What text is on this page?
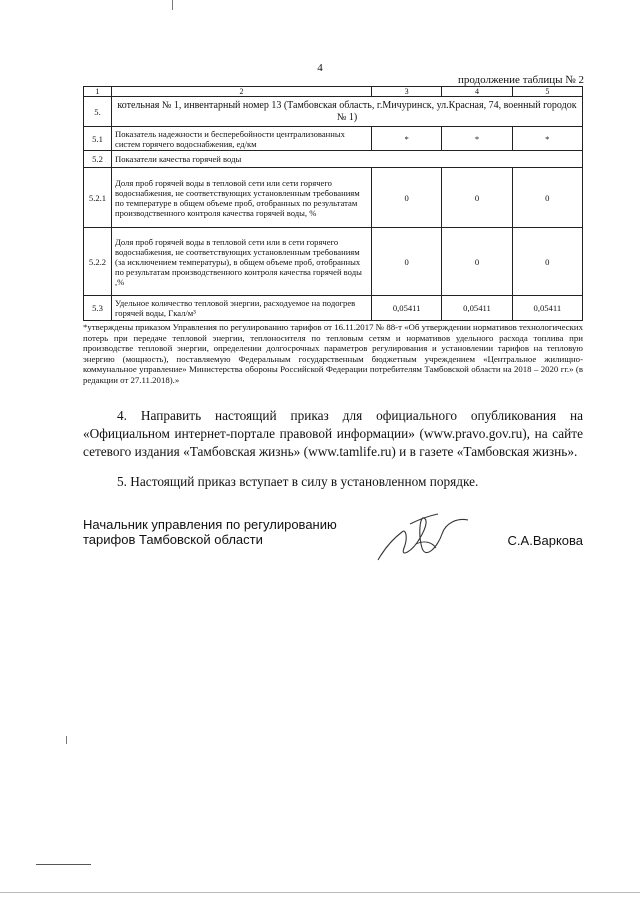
4
продолжение таблицы № 2
1	2	3	4	5
5.	котельная № 1, инвентарный номер 13 (Тамбовская область, г.Мичуринск, ул.Красная, 74, военный городок № 1)			
5.1	Показатель надежности и бесперебойности централизованных систем горячего водоснабжения, ед/км	*	*	*
5.2	Показатели качества горячей воды			
5.2.1	Доля проб горячей воды в тепловой сети или сети горячего водоснабжения, не соответствующих установленным требованиям по температуре в общем объеме проб, отобранных по результатам производственного контроля качества горячей воды, %	0	0	0
5.2.2	Доля проб горячей воды в тепловой сети или в сети горячего водоснабжения, не соответствующих установленным требованиям (за исключением температуры), в общем объеме проб, отобранных по результатам производственного контроля качества горячей воды ,%	0	0	0
5.3	Удельное количество тепловой энергии, расходуемое на подогрев горячей воды, Гкал/м³	0,05411	0,05411	0,05411
*утверждены приказом Управления по регулированию тарифов от 16.11.2017 № 88-т «Об утверждении нормативов технологических потерь при передаче тепловой энергии, теплоносителя по тепловым сетям и нормативов удельного расхода топлива при производстве тепловой энергии, определении долгосрочных параметров регулирования и установлении тарифов на тепловую энергию (мощность), поставляемую Федеральным государственным бюджетным учреждением «Центральное жилищно-коммунальное управление» Министерства обороны Российской Федерации потребителям Тамбовской области на 2018 – 2020 гг.» (в редакции от 27.11.2018).»
4. Направить настоящий приказ для официального опубликования на «Официальном интернет-портале правовой информации» (www.pravo.gov.ru), на сайте сетевого издания «Тамбовская жизнь» (www.tamlife.ru) и в газете «Тамбовская жизнь».
5. Настоящий приказ вступает в силу в установленном порядке.
Начальник управления по регулированию
тарифов Тамбовской области	С.А.Варкова
